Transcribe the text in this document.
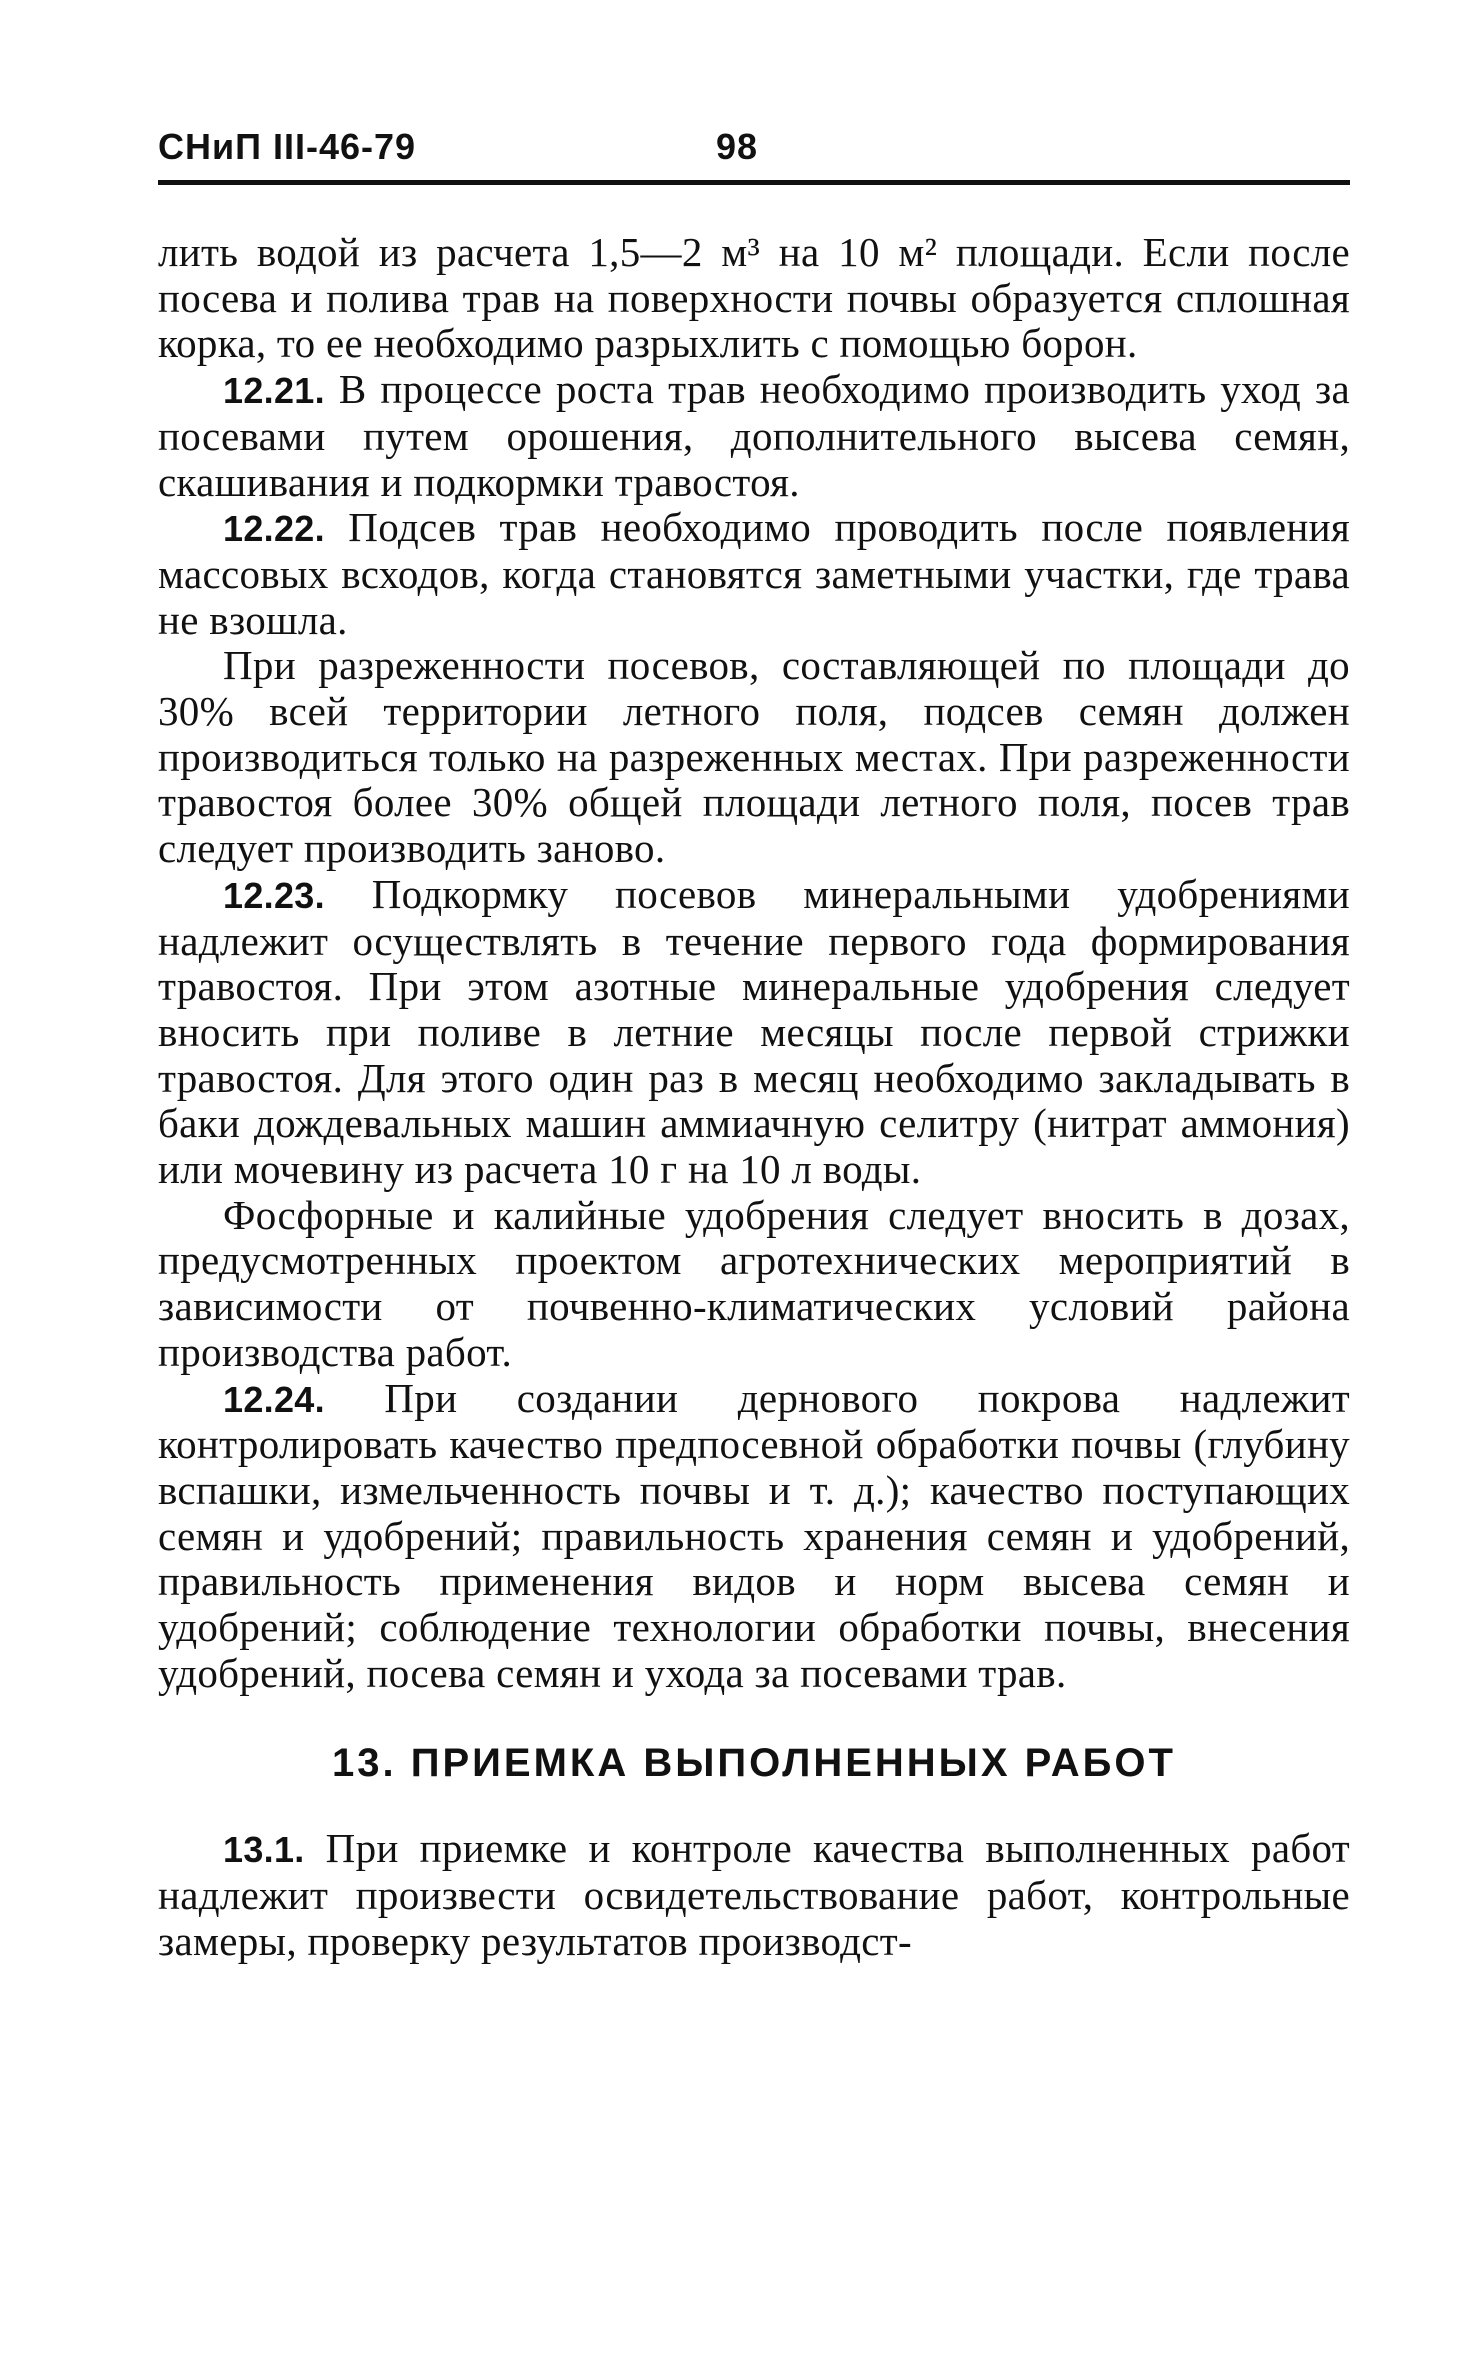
СНиП III-46-79	98

лить водой из расчета 1,5—2 м³ на 10 м² площади. Если после посева и полива трав на поверхности почвы образуется сплошная корка, то ее необходимо разрыхлить с помощью борон.

12.21. В процессе роста трав необходимо производить уход за посевами путем орошения, дополнительного высева семян, скашивания и подкормки травостоя.

12.22. Подсев трав необходимо проводить после появления массовых всходов, когда становятся заметными участки, где трава не взошла.

При разреженности посевов, составляющей по площади до 30% всей территории летного поля, подсев семян должен производиться только на разреженных местах. При разреженности травостоя более 30% общей площади летного поля, посев трав следует производить заново.

12.23. Подкормку посевов минеральными удобрениями надлежит осуществлять в течение первого года формирования травостоя. При этом азотные минеральные удобрения следует вносить при поливе в летние месяцы после первой стрижки травостоя. Для этого один раз в месяц необходимо закладывать в баки дождевальных машин аммиачную селитру (нитрат аммония) или мочевину из расчета 10 г на 10 л воды.

Фосфорные и калийные удобрения следует вносить в дозах, предусмотренных проектом агротехнических мероприятий в зависимости от почвенно-климатических условий района производства работ.

12.24. При создании дернового покрова надлежит контролировать качество предпосевной обработки почвы (глубину вспашки, измельченность почвы и т. д.); качество поступающих семян и удобрений; правильность хранения семян и удобрений, правильность применения видов и норм высева семян и удобрений; соблюдение технологии обработки почвы, внесения удобрений, посева семян и ухода за посевами трав.

13. ПРИЕМКА ВЫПОЛНЕННЫХ РАБОТ

13.1. При приемке и контроле качества выполненных работ надлежит произвести освидетельствование работ, контрольные замеры, проверку результатов производст-
